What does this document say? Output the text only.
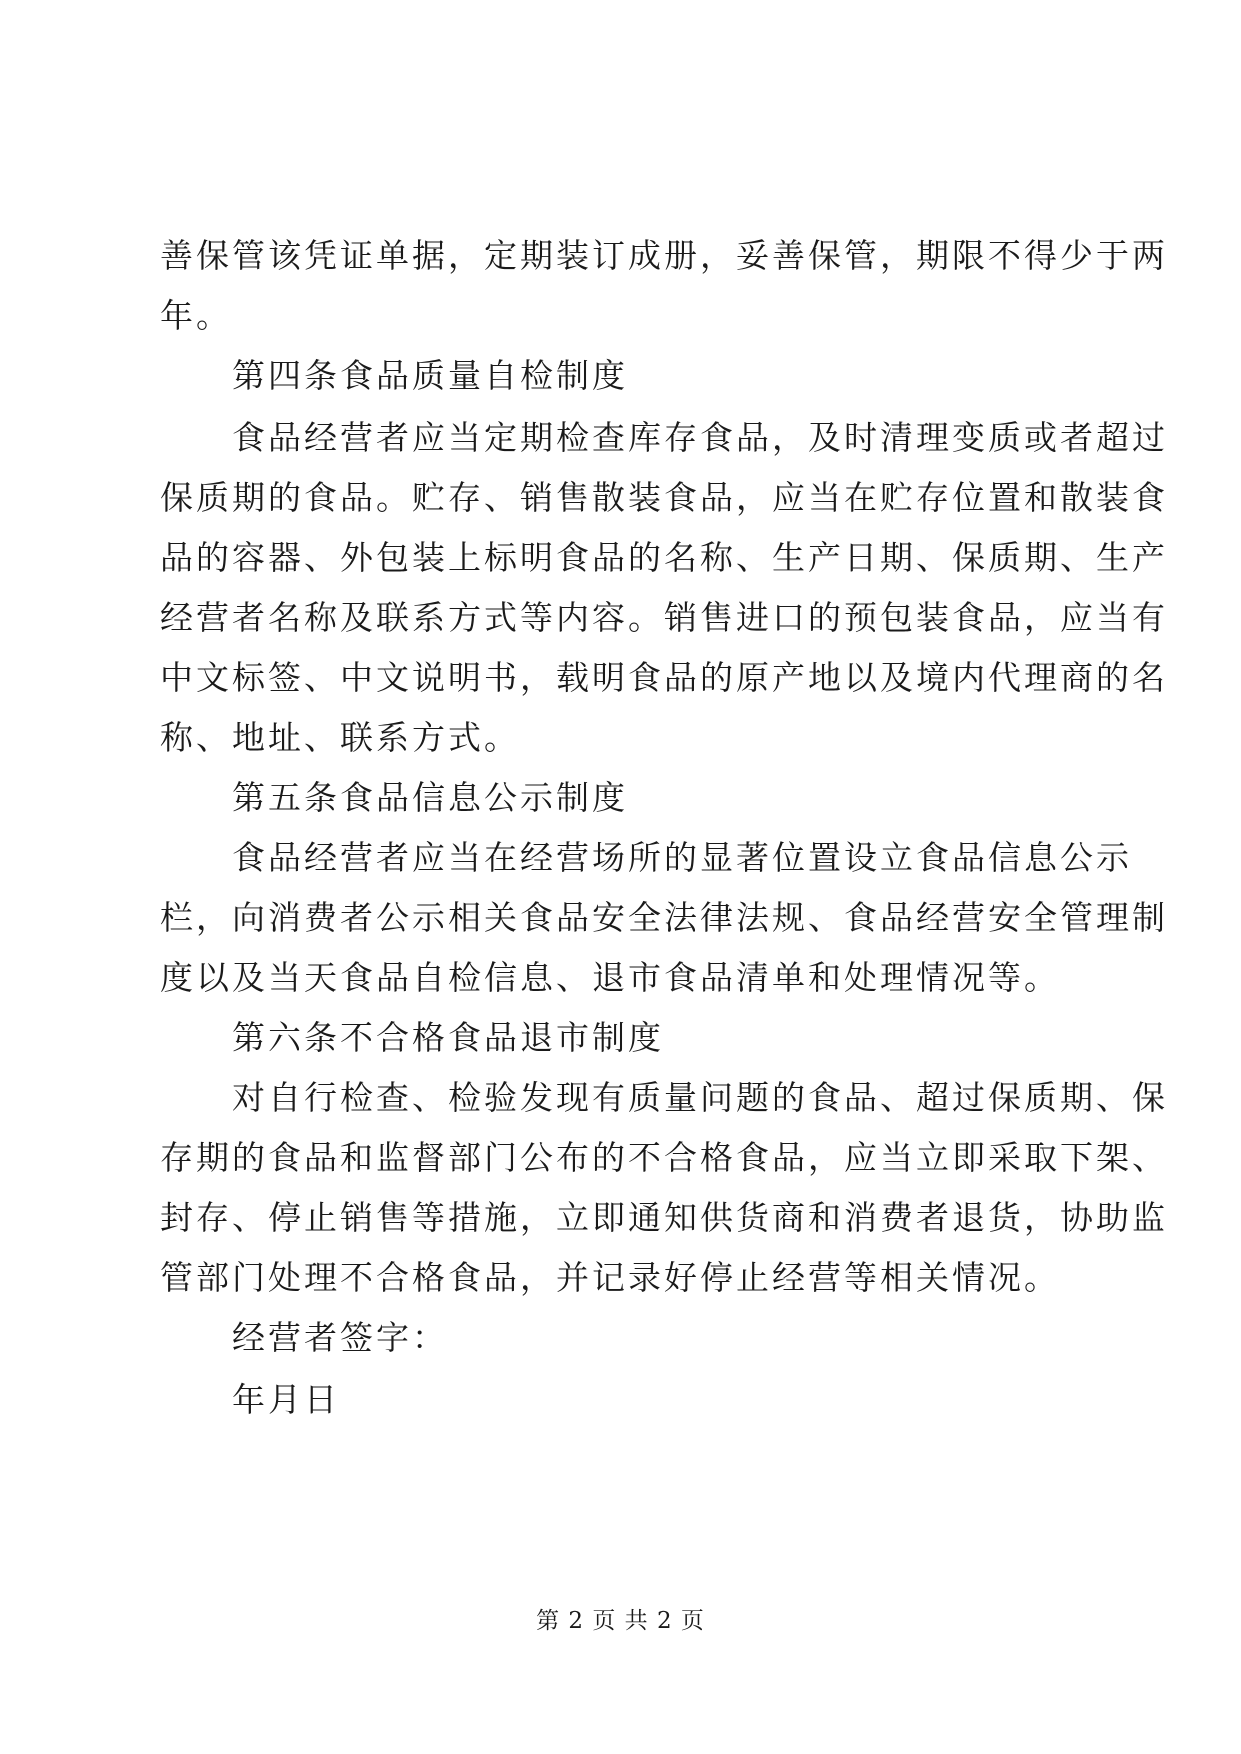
善保管该凭证单据，定期装订成册，妥善保管，期限不得少于两
年。
第四条食品质量自检制度
食品经营者应当定期检查库存食品，及时清理变质或者超过
保质期的食品。贮存、销售散装食品，应当在贮存位置和散装食
品的容器、外包装上标明食品的名称、生产日期、保质期、生产
经营者名称及联系方式等内容。销售进口的预包装食品，应当有
中文标签、中文说明书，载明食品的原产地以及境内代理商的名
称、地址、联系方式。
第五条食品信息公示制度
食品经营者应当在经营场所的显著位置设立食品信息公示
栏，向消费者公示相关食品安全法律法规、食品经营安全管理制
度以及当天食品自检信息、退市食品清单和处理情况等。
第六条不合格食品退市制度
对自行检查、检验发现有质量问题的食品、超过保质期、保
存期的食品和监督部门公布的不合格食品，应当立即采取下架、
封存、停止销售等措施，立即通知供货商和消费者退货，协助监
管部门处理不合格食品，并记录好停止经营等相关情况。
经营者签字：
年月日
第 2 页 共 2 页
